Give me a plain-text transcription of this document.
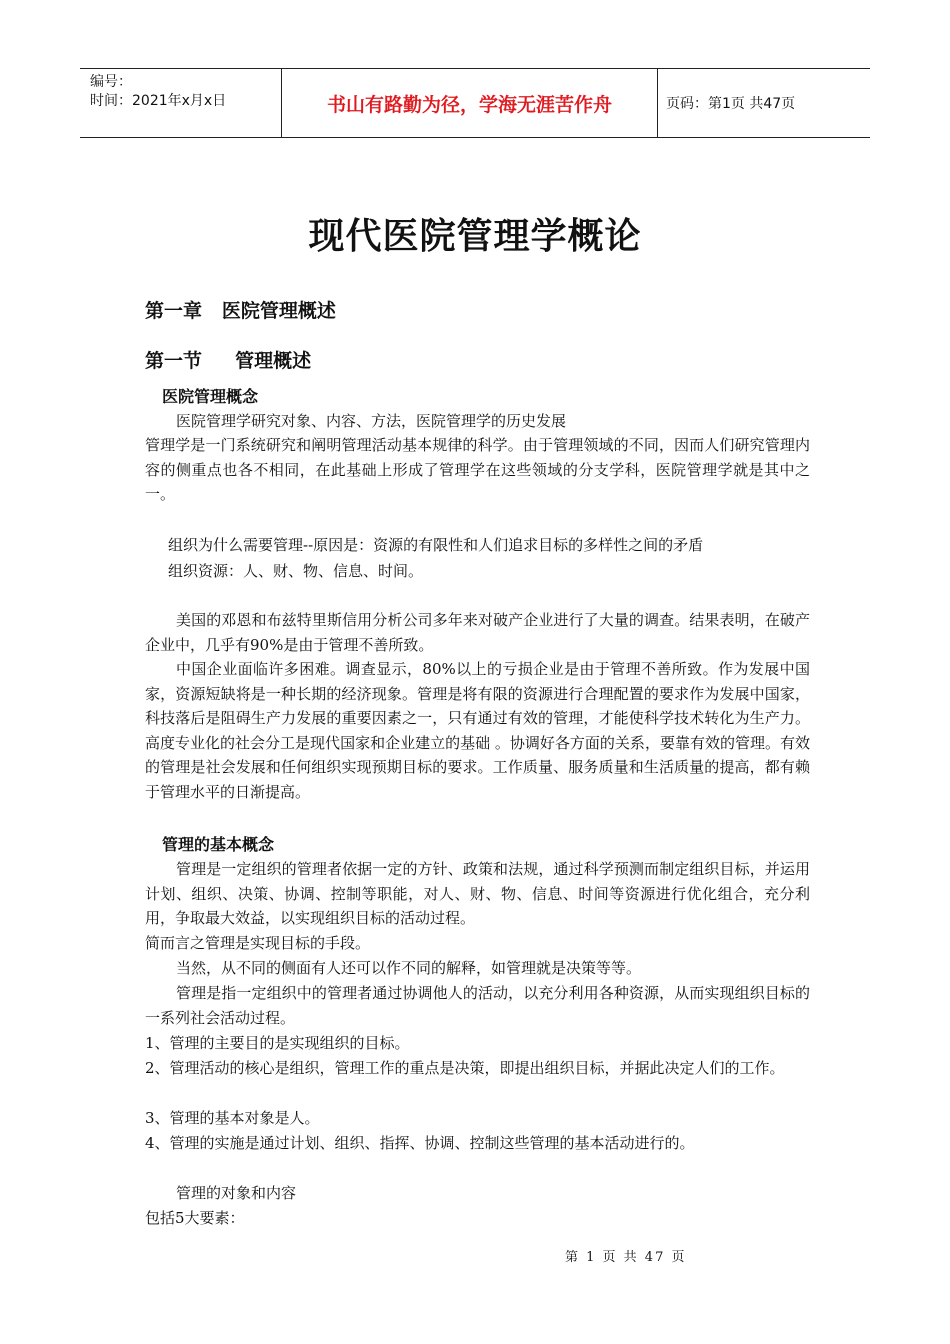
编号：
时间：2021年x月x日	书山有路勤为径，学海无涯苦作舟	页码：第1页 共47页
现代医院管理学概论
第一章   医院管理概述
第一节     管理概述
医院管理概念
医院管理学研究对象、内容、方法，医院管理学的历史发展
管理学是一门系统研究和阐明管理活动基本规律的科学。由于管理领域的不同，因而人们研究管理内容的侧重点也各不相同，在此基础上形成了管理学在这些领域的分支学科，医院管理学就是其中之一。
组织为什么需要管理--原因是：资源的有限性和人们追求目标的多样性之间的矛盾
组织资源：人、财、物、信息、时间。
美国的邓恩和布兹特里斯信用分析公司多年来对破产企业进行了大量的调查。结果表明，在破产企业中，几乎有90%是由于管理不善所致。
中国企业面临许多困难。调查显示，80%以上的亏损企业是由于管理不善所致。作为发展中国家，资源短缺将是一种长期的经济现象。管理是将有限的资源进行合理配置的要求作为发展中国家，科技落后是阻碍生产力发展的重要因素之一，只有通过有效的管理，才能使科学技术转化为生产力。高度专业化的社会分工是现代国家和企业建立的基础 。协调好各方面的关系，要靠有效的管理。有效的管理是社会发展和任何组织实现预期目标的要求。工作质量、服务质量和生活质量的提高，都有赖于管理水平的日渐提高。
管理的基本概念
管理是一定组织的管理者依据一定的方针、政策和法规，通过科学预测而制定组织目标，并运用计划、组织、决策、协调、控制等职能，对人、财、物、信息、时间等资源进行优化组合，充分利用，争取最大效益，以实现组织目标的活动过程。
简而言之管理是实现目标的手段。
当然，从不同的侧面有人还可以作不同的解释，如管理就是决策等等。
管理是指一定组织中的管理者通过协调他人的活动，以充分利用各种资源，从而实现组织目标的一系列社会活动过程。
1、管理的主要目的是实现组织的目标。
2、管理活动的核心是组织，管理工作的重点是决策，即提出组织目标，并据此决定人们的工作。
3、管理的基本对象是人。
4、管理的实施是通过计划、组织、指挥、协调、控制这些管理的基本活动进行的。
管理的对象和内容
包括5大要素：
第 1 页 共 47 页
